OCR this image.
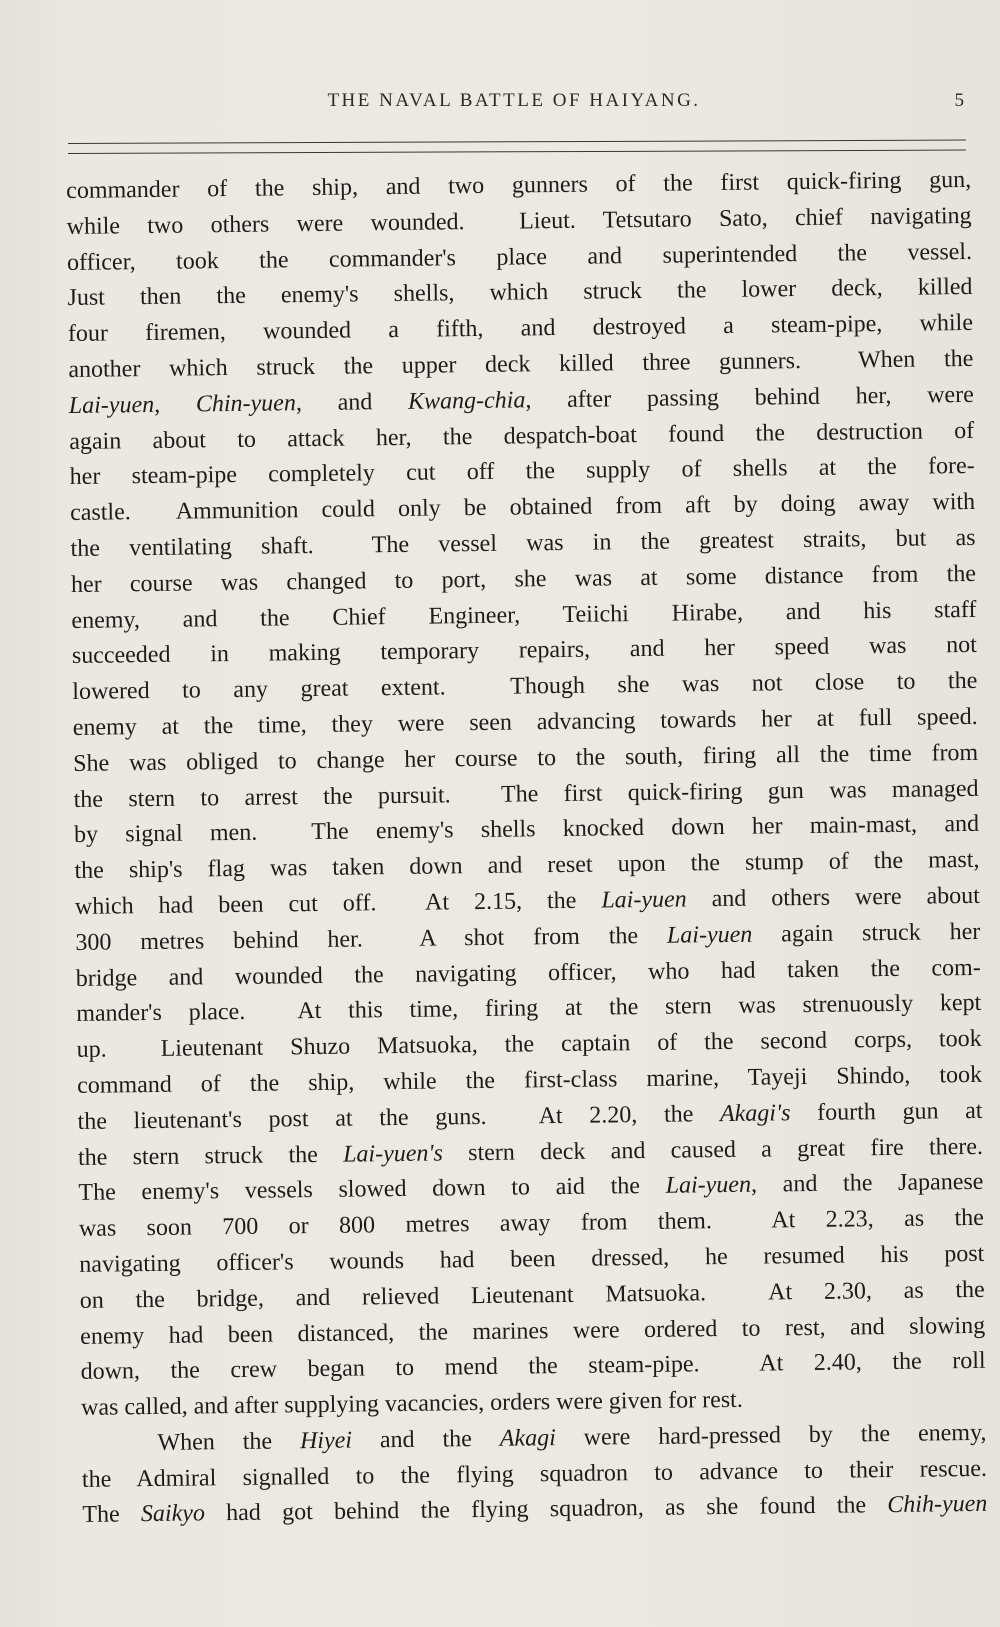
THE NAVAL BATTLE OF HAIYANG.	5
commander of the ship, and two gunners of the first quick-firing gun,
while two others were wounded.  Lieut. Tetsutaro Sato, chief navigating
officer, took the commander's place and superintended the vessel.
Just then the enemy's shells, which struck the lower deck, killed
four firemen, wounded a fifth, and destroyed a steam-pipe, while
another which struck the upper deck killed three gunners.  When the
Lai-yuen, Chin-yuen, and Kwang-chia, after passing behind her, were
again about to attack her, the despatch-boat found the destruction of
her steam-pipe completely cut off the supply of shells at the fore-
castle.  Ammunition could only be obtained from aft by doing away with
the ventilating shaft.  The vessel was in the greatest straits, but as
her course was changed to port, she was at some distance from the
enemy, and the Chief Engineer, Teiichi Hirabe, and his staff
succeeded in making temporary repairs, and her speed was not
lowered to any great extent.  Though she was not close to the
enemy at the time, they were seen advancing towards her at full speed.
She was obliged to change her course to the south, firing all the time from
the stern to arrest the pursuit.  The first quick-firing gun was managed
by signal men.  The enemy's shells knocked down her main-mast, and
the ship's flag was taken down and reset upon the stump of the mast,
which had been cut off.  At 2.15, the Lai-yuen and others were about
300 metres behind her.  A shot from the Lai-yuen again struck her
bridge and wounded the navigating officer, who had taken the com-
mander's place.  At this time, firing at the stern was strenuously kept
up.  Lieutenant Shuzo Matsuoka, the captain of the second corps, took
command of the ship, while the first-class marine, Tayeji Shindo, took
the lieutenant's post at the guns.  At 2.20, the Akagi's fourth gun at
the stern struck the Lai-yuen's stern deck and caused a great fire there.
The enemy's vessels slowed down to aid the Lai-yuen, and the Japanese
was soon 700 or 800 metres away from them.  At 2.23, as the
navigating officer's wounds had been dressed, he resumed his post
on the bridge, and relieved Lieutenant Matsuoka.  At 2.30, as the
enemy had been distanced, the marines were ordered to rest, and slowing
down, the crew began to mend the steam-pipe.  At 2.40, the roll
was called, and after supplying vacancies, orders were given for rest.
When the Hiyei and the Akagi were hard-pressed by the enemy,
the Admiral signalled to the flying squadron to advance to their rescue.
The Saikyo had got behind the flying squadron, as she found the Chih-yuen
